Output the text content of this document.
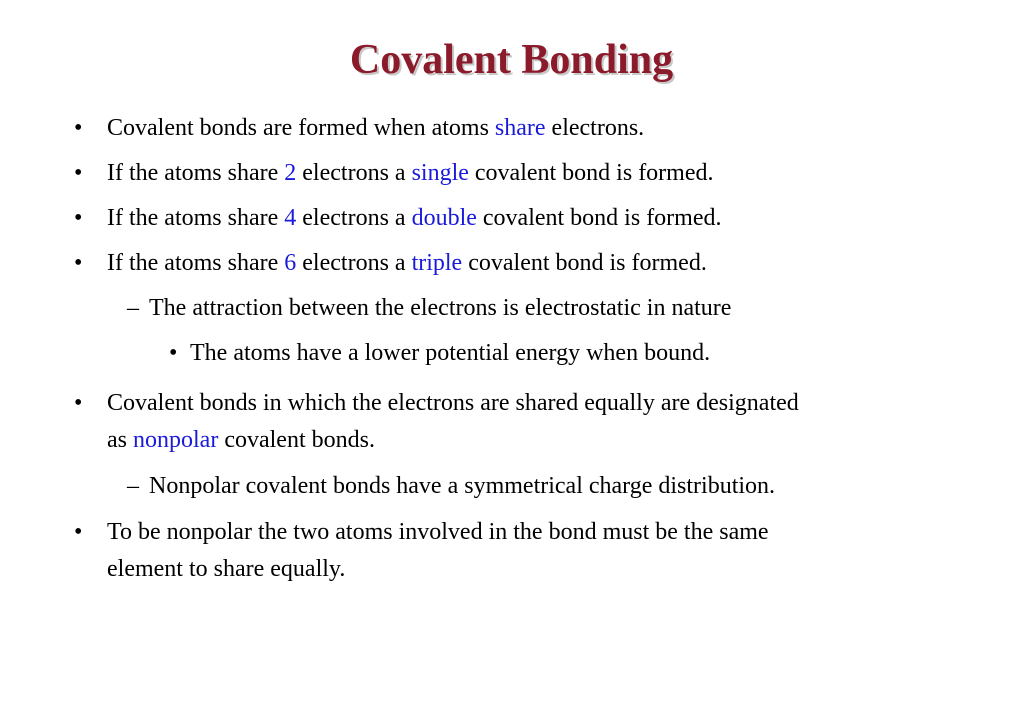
Covalent Bonding
• Covalent bonds are formed when atoms share electrons.
• If the atoms share 2 electrons a single covalent bond is formed.
• If the atoms share 4 electrons a double covalent bond is formed.
• If the atoms share 6 electrons a triple covalent bond is formed.
– The attraction between the electrons is electrostatic in nature
• The atoms have a lower potential energy when bound.
• Covalent bonds in which the electrons are shared equally are designated
as nonpolar covalent bonds.
– Nonpolar covalent bonds have a symmetrical charge distribution.
• To be nonpolar the two atoms involved in the bond must be the same
element to share equally.
